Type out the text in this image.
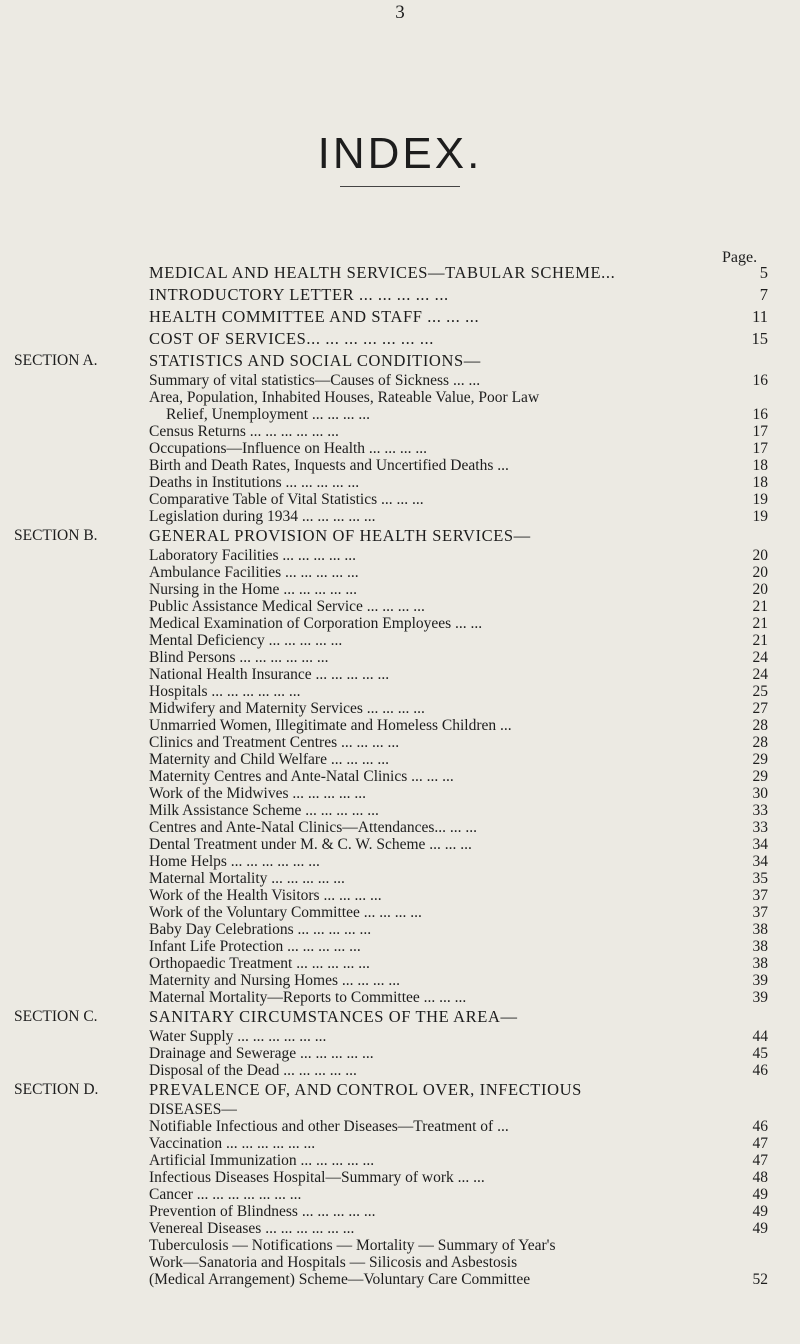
3
INDEX.
Page.
MEDICAL AND HEALTH SERVICES—TABULAR SCHEME...	5
INTRODUCTORY LETTER ... ... ... ... ...	7
HEALTH COMMITTEE AND STAFF ... ... ...	11
COST OF SERVICES... ... ... ... ... ... ...	15
SECTION A.	STATISTICS AND SOCIAL CONDITIONS—
Summary of vital statistics—Causes of Sickness ... ...	16
Area, Population, Inhabited Houses, Rateable Value, Poor Law
Relief, Unemployment ... ... ... ...	16
Census Returns ... ... ... ... ... ...	17
Occupations—Influence on Health ... ... ... ...	17
Birth and Death Rates, Inquests and Uncertified Deaths ...	18
Deaths in Institutions ... ... ... ... ...	18
Comparative Table of Vital Statistics ... ... ...	19
Legislation during 1934 ... ... ... ... ...	19
SECTION B.	GENERAL PROVISION OF HEALTH SERVICES—
Laboratory Facilities ... ... ... ... ...	20
Ambulance Facilities ... ... ... ... ...	20
Nursing in the Home ... ... ... ... ...	20
Public Assistance Medical Service ... ... ... ...	21
Medical Examination of Corporation Employees ... ...	21
Mental Deficiency ... ... ... ... ...	21
Blind Persons ... ... ... ... ... ...	24
National Health Insurance ... ... ... ... ...	24
Hospitals ... ... ... ... ... ...	25
Midwifery and Maternity Services ... ... ... ...	27
Unmarried Women, Illegitimate and Homeless Children ...	28
Clinics and Treatment Centres ... ... ... ...	28
Maternity and Child Welfare ... ... ... ...	29
Maternity Centres and Ante-Natal Clinics ... ... ...	29
Work of the Midwives ... ... ... ... ...	30
Milk Assistance Scheme ... ... ... ... ...	33
Centres and Ante-Natal Clinics—Attendances... ... ...	33
Dental Treatment under M. & C. W. Scheme ... ... ...	34
Home Helps ... ... ... ... ... ...	34
Maternal Mortality ... ... ... ... ...	35
Work of the Health Visitors ... ... ... ...	37
Work of the Voluntary Committee ... ... ... ...	37
Baby Day Celebrations ... ... ... ... ...	38
Infant Life Protection ... ... ... ... ...	38
Orthopaedic Treatment ... ... ... ... ...	38
Maternity and Nursing Homes ... ... ... ...	39
Maternal Mortality—Reports to Committee ... ... ...	39
SECTION C.	SANITARY CIRCUMSTANCES OF THE AREA—
Water Supply ... ... ... ... ... ...	44
Drainage and Sewerage ... ... ... ... ...	45
Disposal of the Dead ... ... ... ... ...	46
SECTION D.	PREVALENCE OF, AND CONTROL OVER, INFECTIOUS
DISEASES—
Notifiable Infectious and other Diseases—Treatment of ...	46
Vaccination ... ... ... ... ... ...	47
Artificial Immunization ... ... ... ... ...	47
Infectious Diseases Hospital—Summary of work ... ...	48
Cancer ... ... ... ... ... ... ...	49
Prevention of Blindness ... ... ... ... ...	49
Venereal Diseases ... ... ... ... ... ...	49
Tuberculosis — Notifications — Mortality — Summary of Year's
Work—Sanatoria and Hospitals — Silicosis and Asbestosis
(Medical Arrangement) Scheme—Voluntary Care Committee	52
